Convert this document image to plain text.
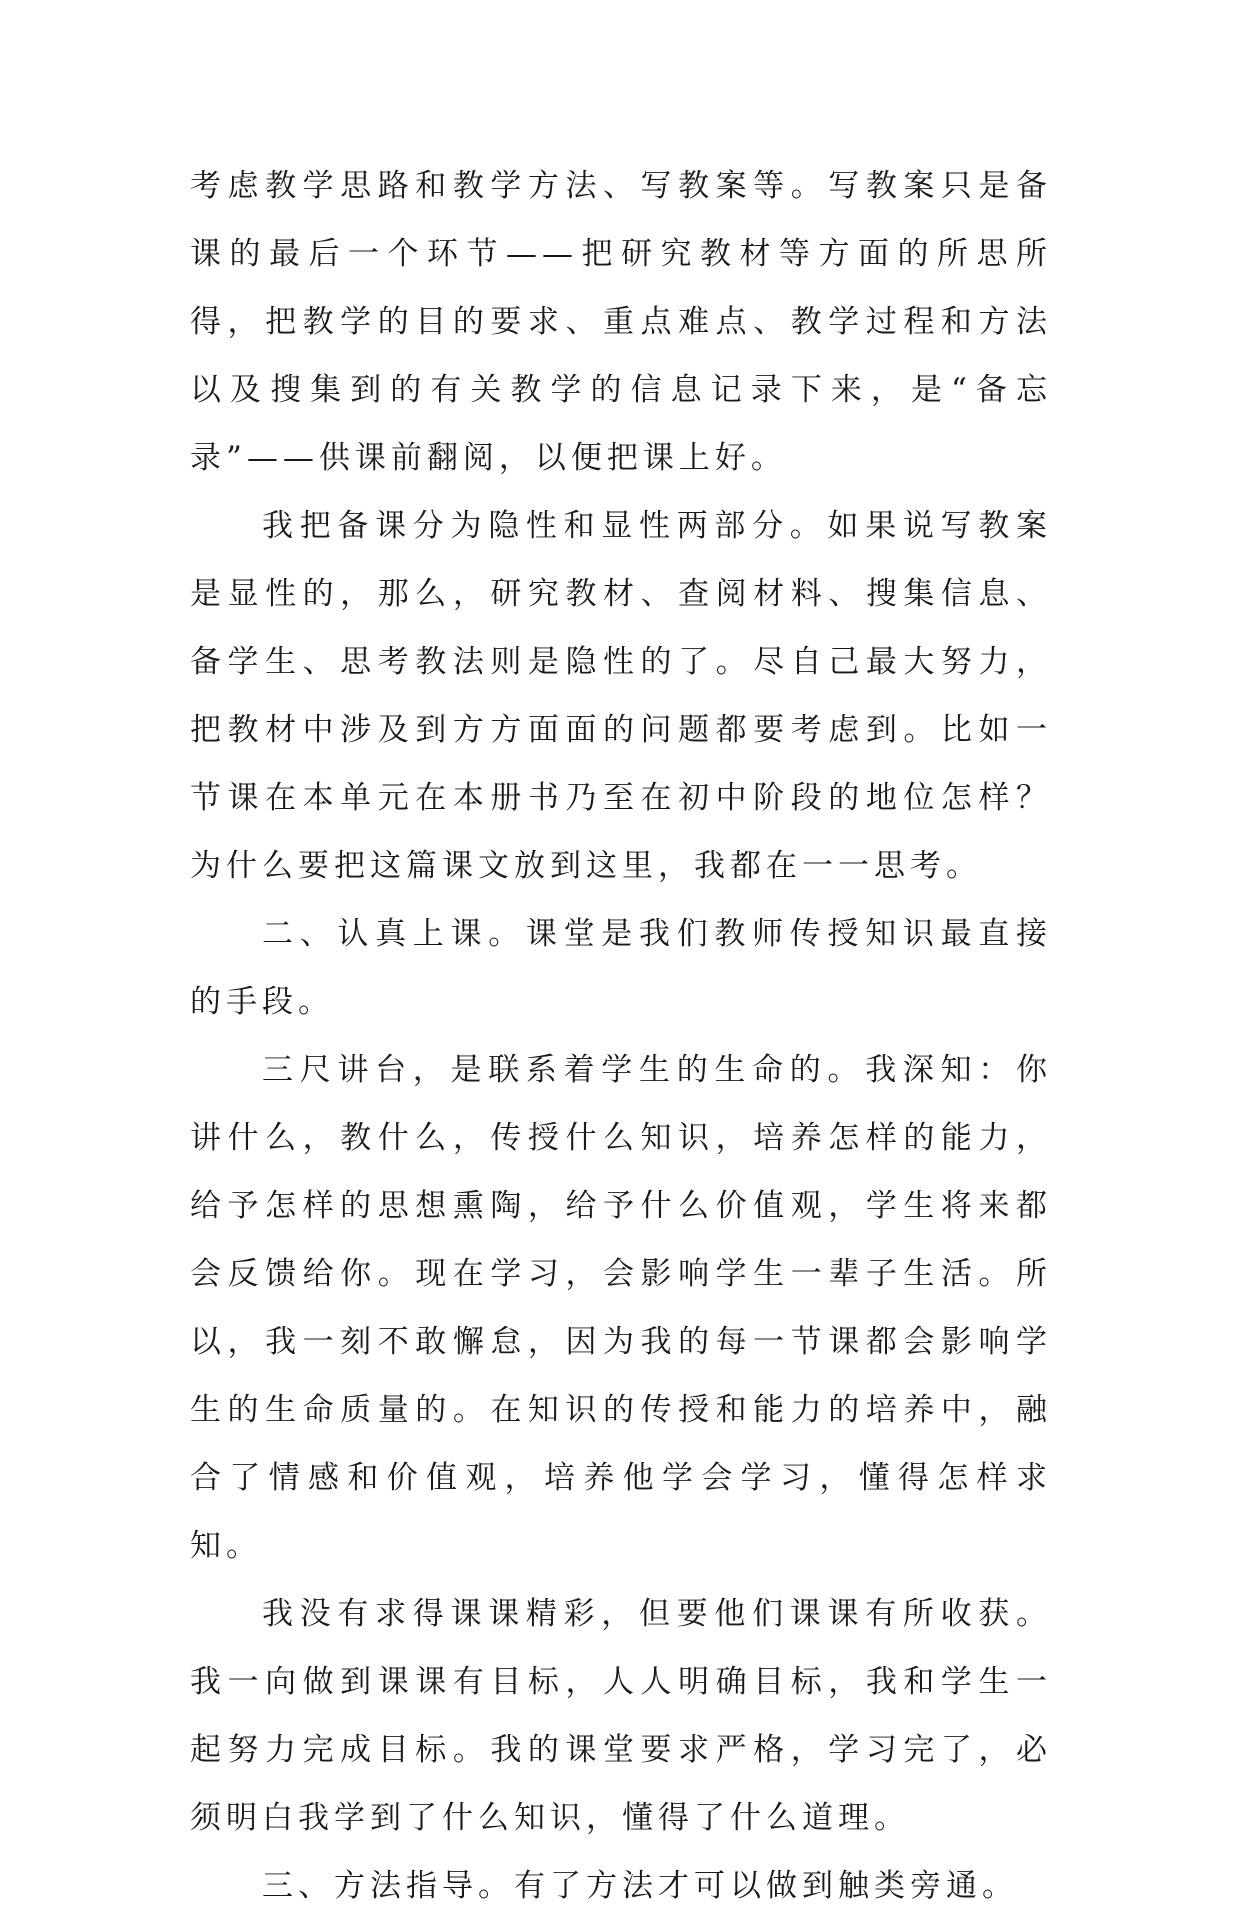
考虑教学思路和教学方法、写教案等。写教案只是备课的最后一个环节——把研究教材等方面的所思所得，把教学的目的要求、重点难点、教学过程和方法以及搜集到的有关教学的信息记录下来，是“备忘录”——供课前翻阅，以便把课上好。

我把备课分为隐性和显性两部分。如果说写教案是显性的，那么，研究教材、查阅材料、搜集信息、备学生、思考教法则是隐性的了。尽自己最大努力，把教材中涉及到方方面面的问题都要考虑到。比如一节课在本单元在本册书乃至在初中阶段的地位怎样？为什么要把这篇课文放到这里，我都在一一思考。

二、认真上课。课堂是我们教师传授知识最直接的手段。

三尺讲台，是联系着学生的生命的。我深知：你讲什么，教什么，传授什么知识，培养怎样的能力，给予怎样的思想熏陶，给予什么价值观，学生将来都会反馈给你。现在学习，会影响学生一辈子生活。所以，我一刻不敢懈怠，因为我的每一节课都会影响学生的生命质量的。在知识的传授和能力的培养中，融合了情感和价值观，培养他学会学习，懂得怎样求知。

我没有求得课课精彩，但要他们课课有所收获。我一向做到课课有目标，人人明确目标，我和学生一起努力完成目标。我的课堂要求严格，学习完了，必须明白我学到了什么知识，懂得了什么道理。

三、方法指导。有了方法才可以做到触类旁通。
